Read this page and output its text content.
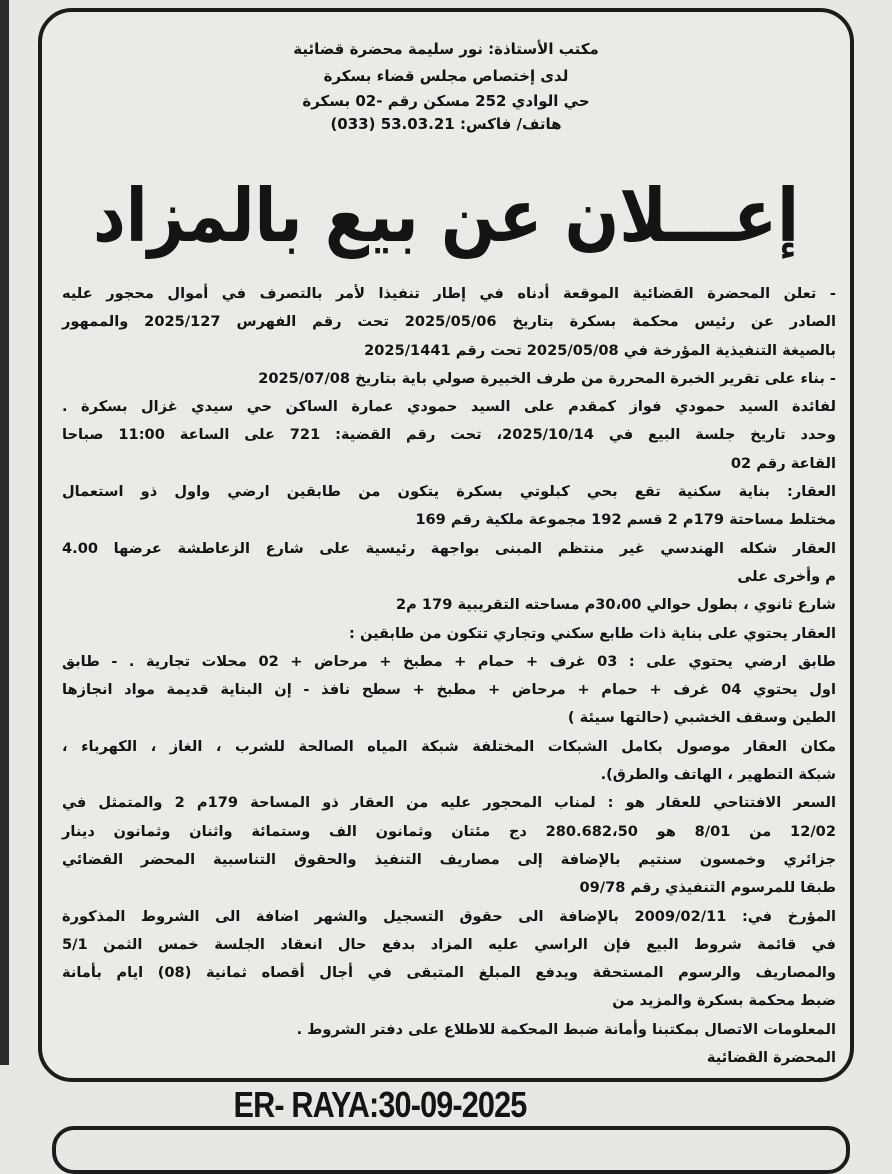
مكتب الأستاذة: نور سليمة محضرة قضائية
لدى إختصاص مجلس قضاء بسكرة
حي الوادي 252 مسكن رقم -02 بسكرة
هاتف/ فاكس: 53.03.21 (033)
إعـــلان عن بيع بالمزاد
- تعلن المحضرة القضائية الموقعة أدناه في إطار تنفيذا لأمر بالتصرف في أموال محجور عليه
الصادر عن رئيس محكمة بسكرة بتاريخ 2025/05/06 تحت رقم الفهرس 2025/127 والممهور
بالصيغة التنفيذية المؤرخة في 2025/05/08 تحت رقم 2025/1441
- بناء على تقرير الخبرة المحررة من طرف الخبيرة صولي باية بتاريخ 2025/07/08
لفائدة السيد حمودي فواز كمقدم على السيد حمودي عمارة الساكن حي سيدي غزال بسكرة .
وحدد تاريخ جلسة البيع في 2025/10/14، تحت رقم القضية: 721 على الساعة 11:00 صباحا
القاعة رقم 02
العقار: بناية سكنية تقع بحي كبلوتي بسكرة يتكون من طابقين ارضي واول ذو استعمال
مختلط مساحتة 179م 2 قسم 192 مجموعة ملكية رقم 169
العقار شكله الهندسي غير منتظم المبنى بواجهة رئيسية على شارع الزعاطشة عرضها 4.00
م وأخرى على
شارع ثانوي ، بطول حوالي 30،00م مساحته التقريبية 179 م2
العقار يحتوي على بناية ذات طابع سكني وتجاري تتكون من طابقين :
طابق ارضي يحتوي على : 03 غرف + حمام + مطبخ + مرحاض + 02 محلات تجارية . - طابق
اول يحتوي 04 غرف + حمام + مرحاض + مطبخ + سطح نافذ - إن البناية قديمة مواد انجازها
الطين وسقف الخشبي (حالتها سيئة )
مكان العقار موصول بكامل الشبكات المختلفة شبكة المياه الصالحة للشرب ، الغاز ، الكهرباء ،
شبكة التطهير ، الهاتف والطرق).
السعر الافتتاحي للعقار هو : لمناب المحجور عليه من العقار ذو المساحة 179م 2 والمتمثل في
12/02 من 8/01 هو 280.682،50 دج مئتان وثمانون الف وستمائة واثنان وثمانون دينار
جزائري وخمسون سنتيم بالإضافة إلى مصاريف التنفيذ والحقوق التناسبية المحضر القضائي
طبقا للمرسوم التنفيذي رقم 09/78
المؤرخ في: 2009/02/11 بالإضافة الى حقوق التسجيل والشهر اضافة الى الشروط المذكورة
في قائمة شروط البيع فإن الراسي عليه المزاد بدفع حال انعقاد الجلسة خمس الثمن 5/1
والمصاريف والرسوم المستحقة ويدفع المبلغ المتبقى في أجال أقصاه ثمانية (08) ايام بأمانة
ضبط محكمة بسكرة والمزيد من
المعلومات الاتصال بمكتبنا وأمانة ضبط المحكمة للاطلاع على دفتر الشروط .
المحضرة القضائية
ER- RAYA:30-09-2025
